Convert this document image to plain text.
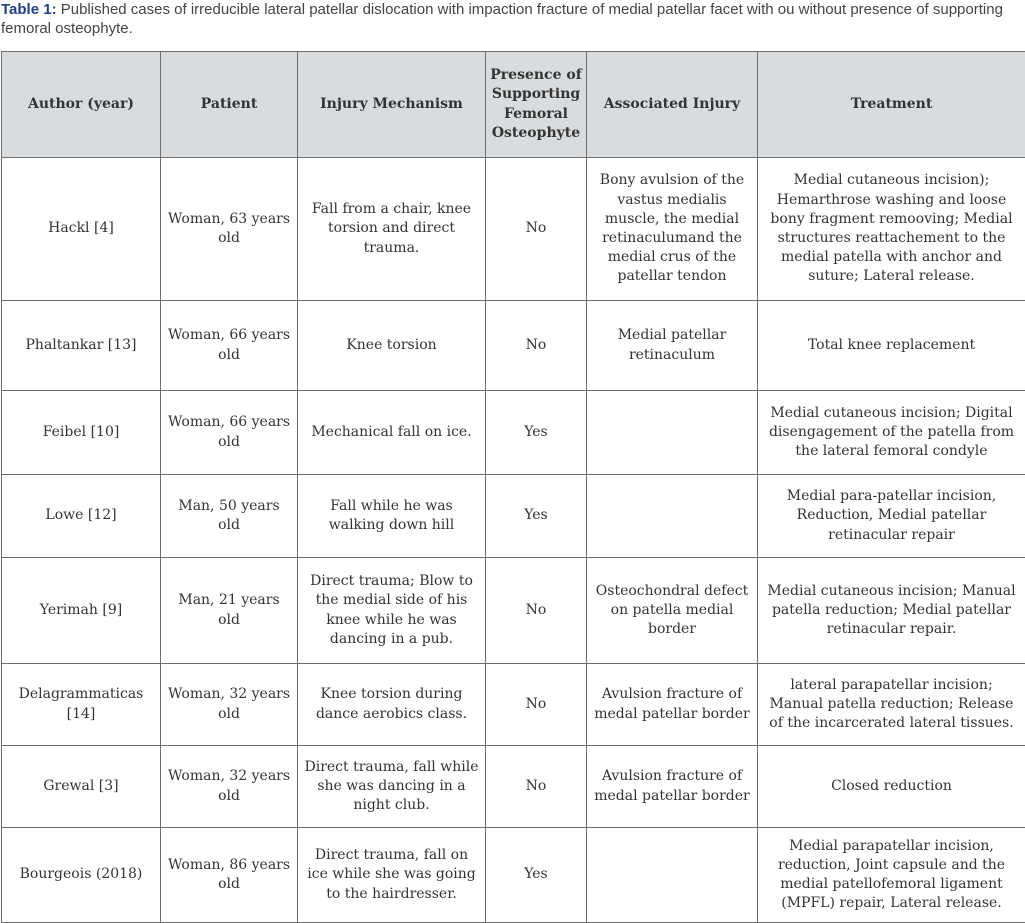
Table 1: Published cases of irreducible lateral patellar dislocation with impaction fracture of medial patellar facet with ou without presence of supporting femoral osteophyte.
Author (year)	Patient	Injury Mechanism	Presence of Supporting Femoral Osteophyte	Associated Injury	Treatment
Hackl [4]	Woman, 63 years old	Fall from a chair, knee torsion and direct trauma.	No	Bony avulsion of the vastus medialis muscle, the medial retinaculumand the medial crus of the patellar tendon	Medial cutaneous incision); Hemarthrose washing and loose bony fragment remooving; Medial structures reattachement to the medial patella with anchor and suture; Lateral release.
Phaltankar [13]	Woman, 66 years old	Knee torsion	No	Medial patellar retinaculum	Total knee replacement
Feibel [10]	Woman, 66 years old	Mechanical fall on ice.	Yes		Medial cutaneous incision; Digital disengagement of the patella from the lateral femoral condyle
Lowe [12]	Man, 50 years old	Fall while he was walking down hill	Yes		Medial para-patellar incision, Reduction, Medial patellar retinacular repair
Yerimah [9]	Man, 21 years old	Direct trauma; Blow to the medial side of his knee while he was dancing in a pub.	No	Osteochondral defect on patella medial border	Medial cutaneous incision; Manual patella reduction; Medial patellar retinacular repair.
Delagrammaticas [14]	Woman, 32 years old	Knee torsion during dance aerobics class.	No	Avulsion fracture of medal patellar border	lateral parapatellar incision; Manual patella reduction; Release of the incarcerated lateral tissues.
Grewal [3]	Woman, 32 years old	Direct trauma, fall while she was dancing in a night club.	No	Avulsion fracture of medal patellar border	Closed reduction
Bourgeois (2018)	Woman, 86 years old	Direct trauma, fall on ice while she was going to the hairdresser.	Yes		Medial parapatellar incision, reduction, Joint capsule and the medial patellofemoral ligament (MPFL) repair, Lateral release.
